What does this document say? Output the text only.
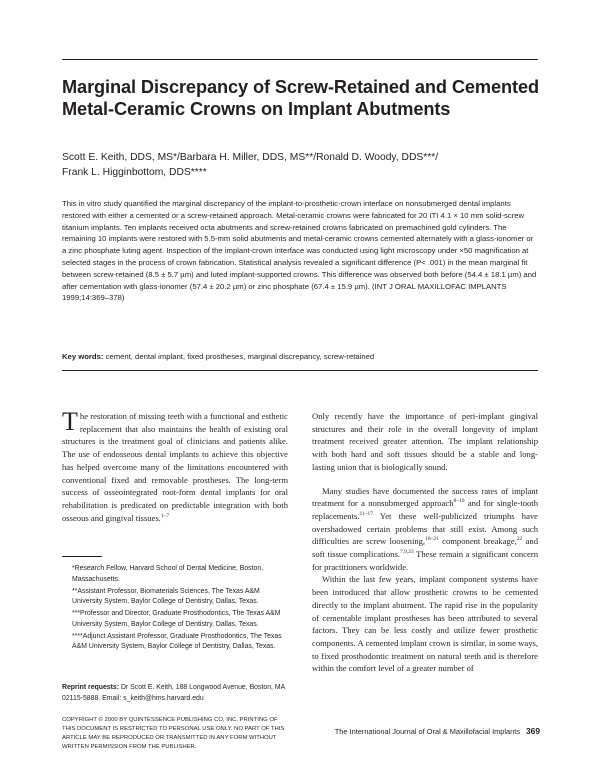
Marginal Discrepancy of Screw-Retained and Cemented Metal-Ceramic Crowns on Implant Abutments
Scott E. Keith, DDS, MS*/Barbara H. Miller, DDS, MS**/Ronald D. Woody, DDS***/
Frank L. Higginbottom, DDS****
This in vitro study quantified the marginal discrepancy of the implant-to-prosthetic-crown interface on nonsubmerged dental implants restored with either a cemented or a screw-retained approach. Metal-ceramic crowns were fabricated for 20 ITI 4.1 × 10 mm solid-screw titanium implants. Ten implants received octa abutments and screw-retained crowns fabricated on premachined gold cylinders. The remaining 10 implants were restored with 5.5-mm solid abutments and metal-ceramic crowns cemented alternately with a glass-ionomer or a zinc phosphate luting agent. Inspection of the implant-crown interface was conducted using light microscopy under ×50 magnification at selected stages in the process of crown fabrication. Statistical analysis revealed a significant difference (P< .001) in the mean marginal fit between screw-retained (8.5 ± 5.7 µm) and luted implant-supported crowns. This difference was observed both before (54.4 ± 18.1 µm) and after cementation with glass-ionomer (57.4 ± 20.2 µm) or zinc phosphate (67.4 ± 15.9 µm). (INT J ORAL MAXILLOFAC IMPLANTS 1999;14:369–378)
Key words: cement, dental implant, fixed prostheses, marginal discrepancy, screw-retained

The restoration of missing teeth with a functional and esthetic replacement that also maintains the health of existing oral structures is the treatment goal of clinicians and patients alike. The use of endosseous dental implants to achieve this objective has helped overcome many of the limitations encountered with conventional fixed and removable prostheses. The long-term success of osseointegrated root-form dental implants for oral rehabilitation is predicated on predictable integration with both osseous and gingival tissues.$^{1-7}$

*Research Fellow, Harvard School of Dental Medicine, Boston, Massachusetts.

**Assistant Professor, Biomaterials Sciences, The Texas A&M University System, Baylor College of Dentistry, Dallas, Texas.

***Professor and Director, Graduate Prosthodontics, The Texas A&M University System, Baylor College of Dentistry, Dallas, Texas.

****Adjunct Assistant Professor, Graduate Prosthodontics, The Texas A&M University System, Baylor College of Dentistry, Dallas, Texas.

Reprint requests: Dr Scott E. Keith, 188 Longwood Avenue, Boston, MA 02115-5888. Email: s_keith@hms.harvard.edu
COPYRIGHT © 2000 BY QUINTESSENCE PUBLISHING CO, INC. PRINTING OF THIS DOCUMENT IS RESTRICTED TO PERSONAL USE ONLY. NO PART OF THIS ARTICLE MAY BE REPRODUCED OR TRANSMITTED IN ANY FORM WITHOUT WRITTEN PERMISSION FROM THE PUBLISHER.

Only recently have the importance of peri-implant gingival structures and their role in the overall longevity of implant treatment received greater attention. The implant relationship with both hard and soft tissues should be a stable and long-lasting union that is biologically sound.

Many studies have documented the success rates of implant treatment for a nonsubmerged approach$^{8-10}$ and for single-tooth replacements.$^{11-17}$ Yet these well-publicized triumphs have overshadowed certain problems that still exist. Among such difficulties are screw loosening,$^{18-21}$ component breakage,$^{22}$ and soft tissue complications.$^{7,9,23}$ These remain a significant concern for practitioners worldwide.

Within the last few years, implant component systems have been introduced that allow prosthetic crowns to be cemented directly to the implant abutment. The rapid rise in the popularity of cementable implant prostheses has been attributed to several factors. They can be less costly and utilize fewer prosthetic components. A cemented implant crown is similar, in some ways, to fixed prosthodontic treatment on natural teeth and is therefore within the comfort level of a greater number of

The International Journal of Oral & Maxillofacial Implants 369
